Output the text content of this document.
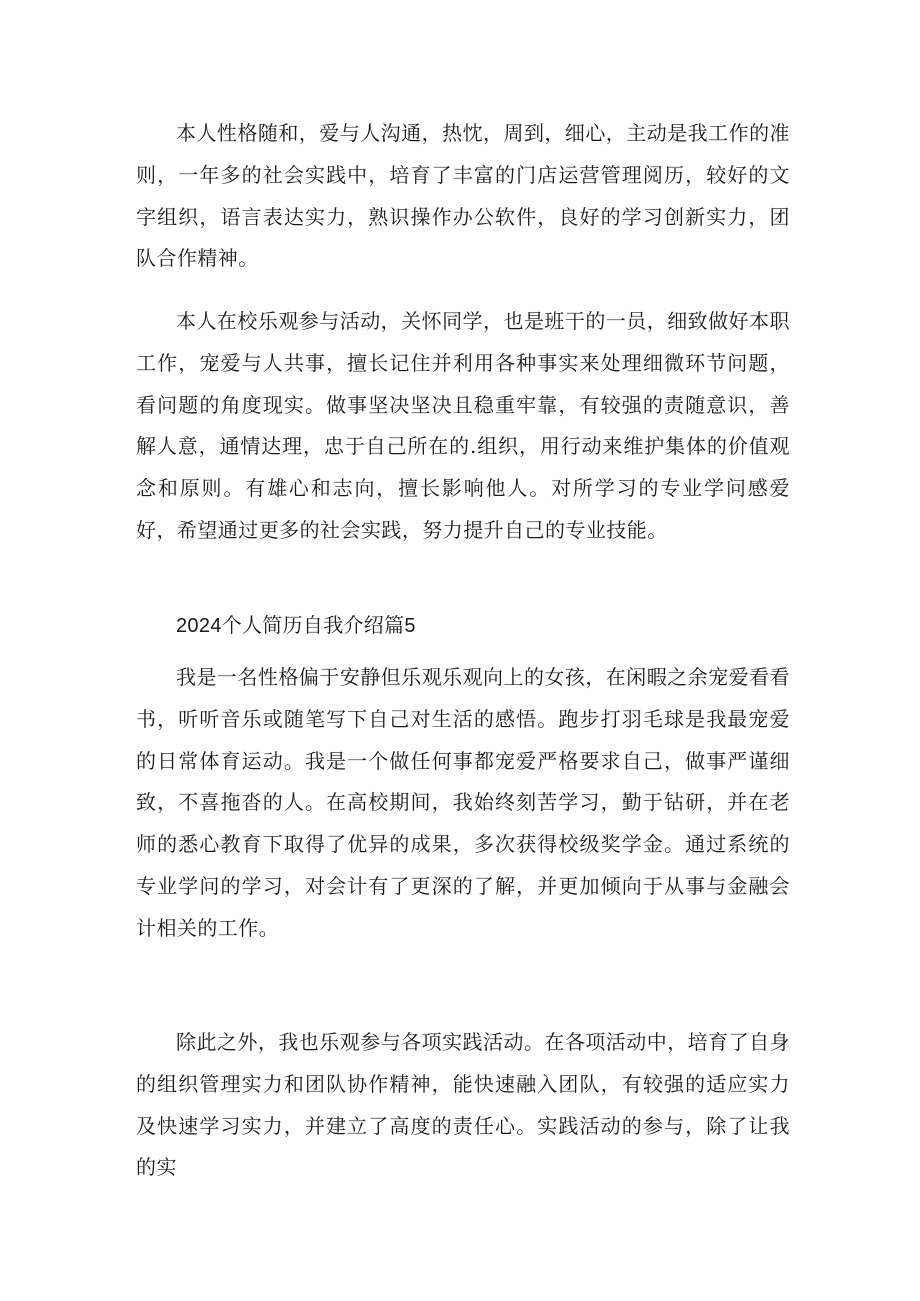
本人性格随和，爱与人沟通，热忱，周到，细心，主动是我工作的准则，一年多的社会实践中，培育了丰富的门店运营管理阅历，较好的文字组织，语言表达实力，熟识操作办公软件，良好的学习创新实力，团队合作精神。

本人在校乐观参与活动，关怀同学，也是班干的一员，细致做好本职工作，宠爱与人共事，擅长记住并利用各种事实来处理细微环节问题，看问题的角度现实。做事坚决坚决且稳重牢靠，有较强的责随意识，善解人意，通情达理，忠于自己所在的.组织，用行动来维护集体的价值观念和原则。有雄心和志向，擅长影响他人。对所学习的专业学问感爱好，希望通过更多的社会实践，努力提升自己的专业技能。

2024个人简历自我介绍篇5

我是一名性格偏于安静但乐观乐观向上的女孩，在闲暇之余宠爱看看书，听听音乐或随笔写下自己对生活的感悟。跑步打羽毛球是我最宠爱的日常体育运动。我是一个做任何事都宠爱严格要求自己，做事严谨细致，不喜拖沓的人。在高校期间，我始终刻苦学习，勤于钻研，并在老师的悉心教育下取得了优异的成果，多次获得校级奖学金。通过系统的专业学问的学习，对会计有了更深的了解，并更加倾向于从事与金融会计相关的工作。

除此之外，我也乐观参与各项实践活动。在各项活动中，培育了自身的组织管理实力和团队协作精神，能快速融入团队，有较强的适应实力及快速学习实力，并建立了高度的责任心。实践活动的参与，除了让我的实
